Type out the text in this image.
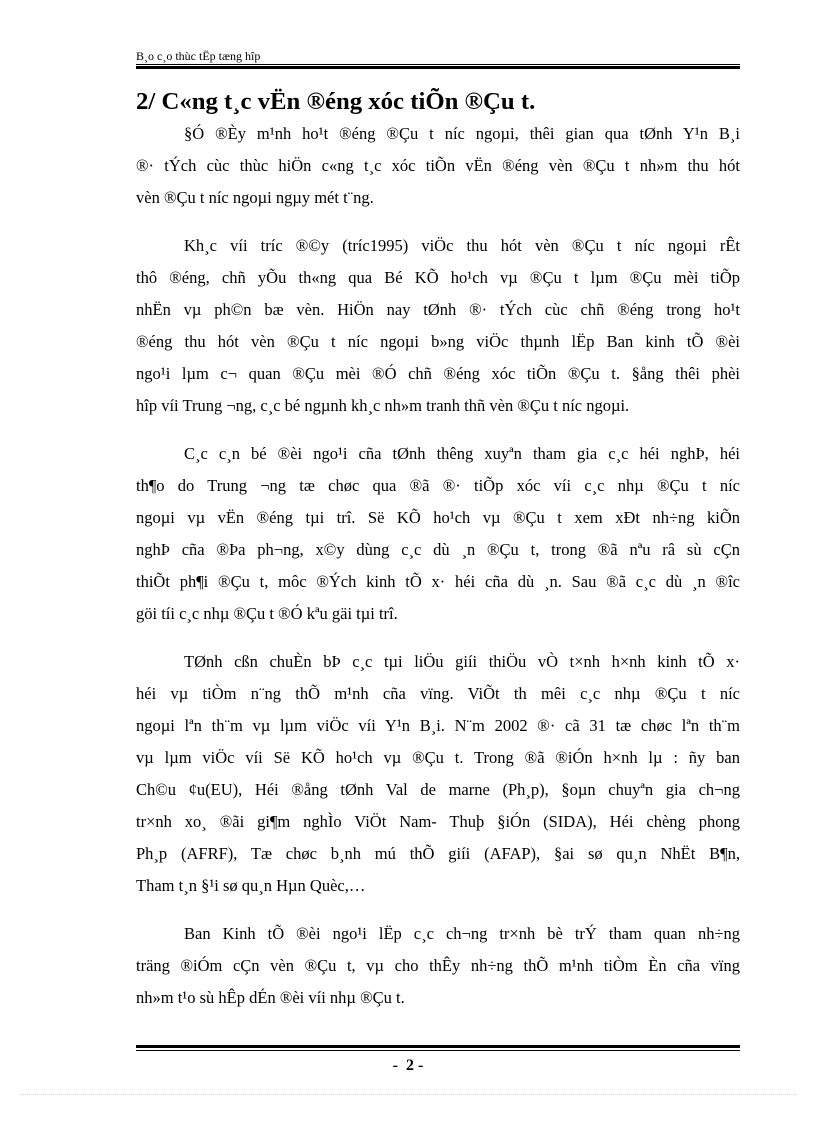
B¸o c¸o thùc tËp tæng hîp
2/ C«ng t¸c vËn ®éng xóc tiÕn ®Çu t.
§Ó ®Èy m¹nh ho¹t ®éng ®Çu t níc ngoµi, thêi gian qua tØnh Y¹n B¸i
®· tÝch cùc thùc hiÖn c«ng t¸c xóc tiÕn vËn ®éng vèn ®Çu t nh»m thu hót
vèn ®Çu t níc ngoµi ngµy mét t¨ng.
Kh¸c víi tríc ®©y (tríc1995) viÖc thu hót vèn ®Çu t níc ngoµi rÊt
thô ®éng, chñ yÕu th«ng qua Bé KÕ ho¹ch vµ ®Çu t lµm ®Çu mèi tiÕp
nhËn vµ ph©n bæ vèn. HiÖn nay tØnh ®· tÝch cùc chñ ®éng trong ho¹t
®éng thu hót vèn ®Çu t níc ngoµi b»ng viÖc thµnh lËp Ban kinh tÕ ®èi
ngo¹i lµm c¬ quan ®Çu mèi ®Ó chñ ®éng xóc tiÕn ®Çu t. §ång thêi phèi
hîp víi Trung ¬ng, c¸c bé ngµnh kh¸c nh»m tranh thñ vèn ®Çu t níc ngoµi.
C¸c c¸n bé ®èi ngo¹i cña tØnh thêng xuyªn tham gia c¸c héi nghÞ, héi
th¶o do Trung ¬ng tæ chøc qua ®ã ®· tiÕp xóc víi c¸c nhµ ®Çu t níc
ngoµi vµ vËn ®éng tµi trî. Së KÕ ho¹ch vµ ®Çu t xem xÐt nh÷ng kiÕn
nghÞ cña ®Þa ph¬ng, x©y dùng c¸c dù ¸n ®Çu t, trong ®ã nªu râ sù cÇn
thiÕt ph¶i ®Çu t, môc ®Ých kinh tÕ x· héi cña dù ¸n. Sau ®ã c¸c dù ¸n ®îc
göi tíi c¸c nhµ ®Çu t ®Ó kªu gäi tµi trî.
TØnh cßn chuÈn bÞ c¸c tµi liÖu giíi thiÖu vÒ t×nh h×nh kinh tÕ x·
héi vµ tiÒm n¨ng thÕ m¹nh cña vïng. ViÕt th mêi c¸c nhµ ®Çu t níc
ngoµi lªn th¨m vµ lµm viÖc víi Y¹n B¸i. N¨m 2002 ®· cã 31 tæ chøc lªn th¨m
vµ lµm viÖc víi Së KÕ ho¹ch vµ ®Çu t. Trong ®ã ®iÓn h×nh lµ : ñy ban
Ch©u ¢u(EU), Héi ®ång tØnh Val de marne (Ph¸p), §oµn chuyªn gia ch¬ng
tr×nh xo¸ ®ãi gi¶m nghÌo ViÖt Nam- Thuþ §iÓn (SIDA), Héi chèng phong
Ph¸p (AFRF), Tæ chøc b¸nh mú thÕ giíi (AFAP), §ai sø qu¸n NhËt B¶n,
Tham t¸n §¹i sø qu¸n Hµn Quèc,…
Ban Kinh tÕ ®èi ngo¹i lËp c¸c ch¬ng tr×nh bè trÝ tham quan nh÷ng
träng ®iÓm cÇn vèn ®Çu t, vµ cho thÊy nh÷ng thÕ m¹nh tiÒm Èn cña vïng
nh»m t¹o sù hÊp dÉn ®èi víi nhµ ®Çu t.
-  2 -
